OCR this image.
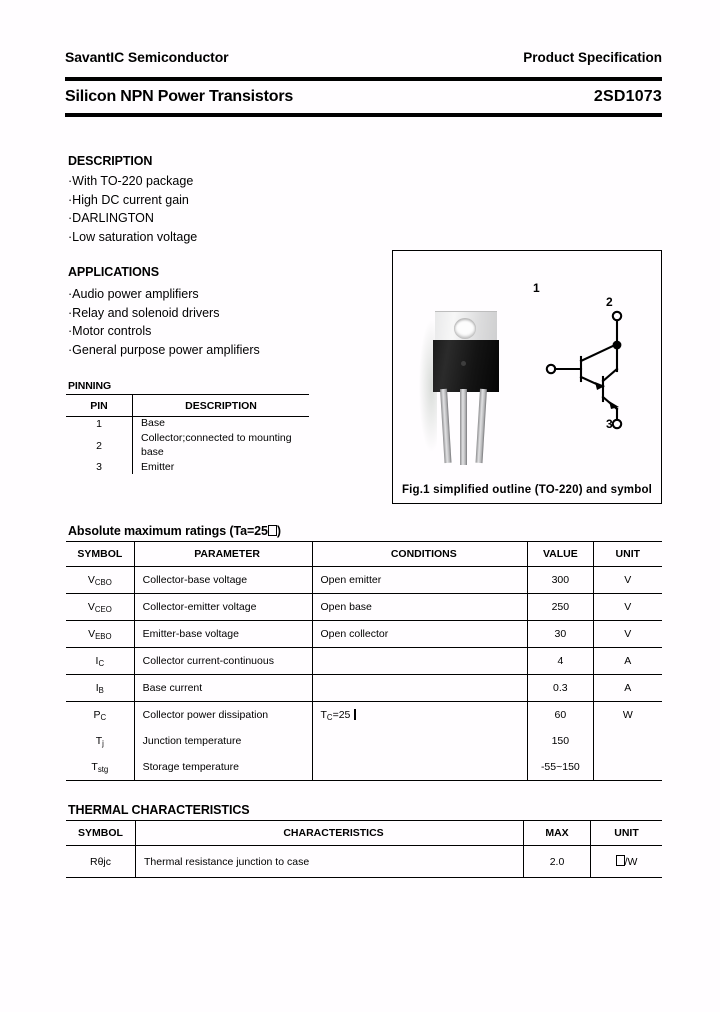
SavantIC Semiconductor	Product Specification
Silicon NPN Power Transistors	2SD1073
DESCRIPTION
·With TO-220 package
·High DC current gain
·DARLINGTON
·Low saturation voltage
APPLICATIONS
·Audio power amplifiers
·Relay and solenoid drivers
·Motor controls
·General purpose power amplifiers
PINNING
PIN	DESCRIPTION
1	Base
2	Collector;connected to mounting base
3	Emitter
1
2
3
Fig.1 simplified outline (TO-220) and symbol
Absolute maximum ratings (Ta=25 )
SYMBOL	PARAMETER	CONDITIONS	VALUE	UNIT
$V_{CBO}$	Collector-base voltage	Open emitter	300	V
$V_{CEO}$	Collector-emitter voltage	Open base	250	V
$V_{EBO}$	Emitter-base voltage	Open collector	30	V
$I_C$	Collector current-continuous		4	A
$I_B$	Base current		0.3	A
$P_C$	Collector power dissipation	$T_C=25$	60	W
$T_j$	Junction temperature		150	
$T_{stg}$	Storage temperature		-55~150	
THERMAL CHARACTERISTICS
SYMBOL	CHARACTERISTICS	MAX	UNIT
Rθjc	Thermal resistance junction to case	2.0	/W
